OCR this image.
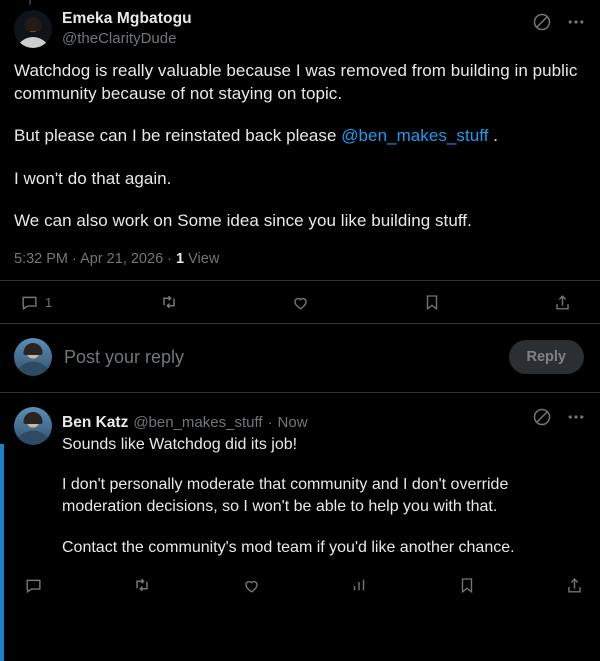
Emeka Mgbatogu
@theClarityDude

Watchdog is really valuable because I was removed from building in public community because of not staying on topic.

But please can I be reinstated back please @ben_makes_stuff .

I won't do that again.

We can also work on Some idea since you like building stuff.

5:32 PM · Apr 21, 2026 · 1 View
1
Post your reply	Reply
Ben Katz @ben_makes_stuff · Now
Sounds like Watchdog did its job!

I don't personally moderate that community and I don't override moderation decisions, so I won't be able to help you with that.

Contact the community's mod team if you'd like another chance.
